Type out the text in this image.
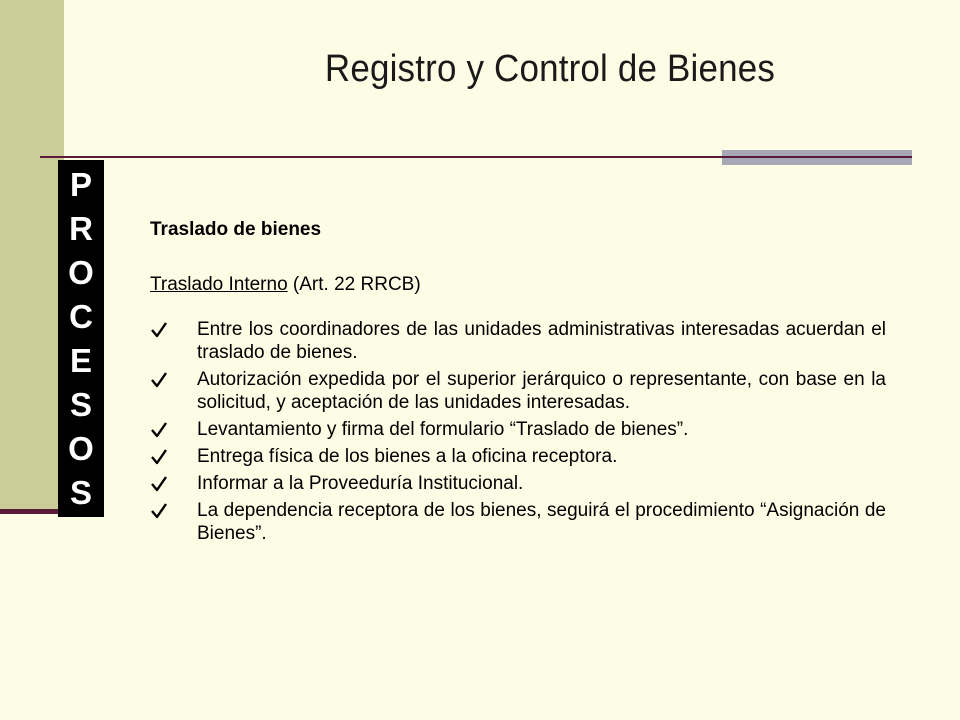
Registro y Control de Bienes
P
R
O
C
E
S
O
S

Traslado de bienes

Traslado Interno (Art. 22 RRCB)
Entre los coordinadores de las unidades administrativas interesadas acuerdan el traslado de bienes.
Autorización expedida por el superior jerárquico o representante, con base en la solicitud, y aceptación de las unidades interesadas.
Levantamiento y firma del formulario “Traslado de bienes”.
Entrega física de los bienes a la oficina receptora.
Informar a la Proveeduría Institucional.
La dependencia receptora de los bienes, seguirá el procedimiento “Asignación de Bienes”.
